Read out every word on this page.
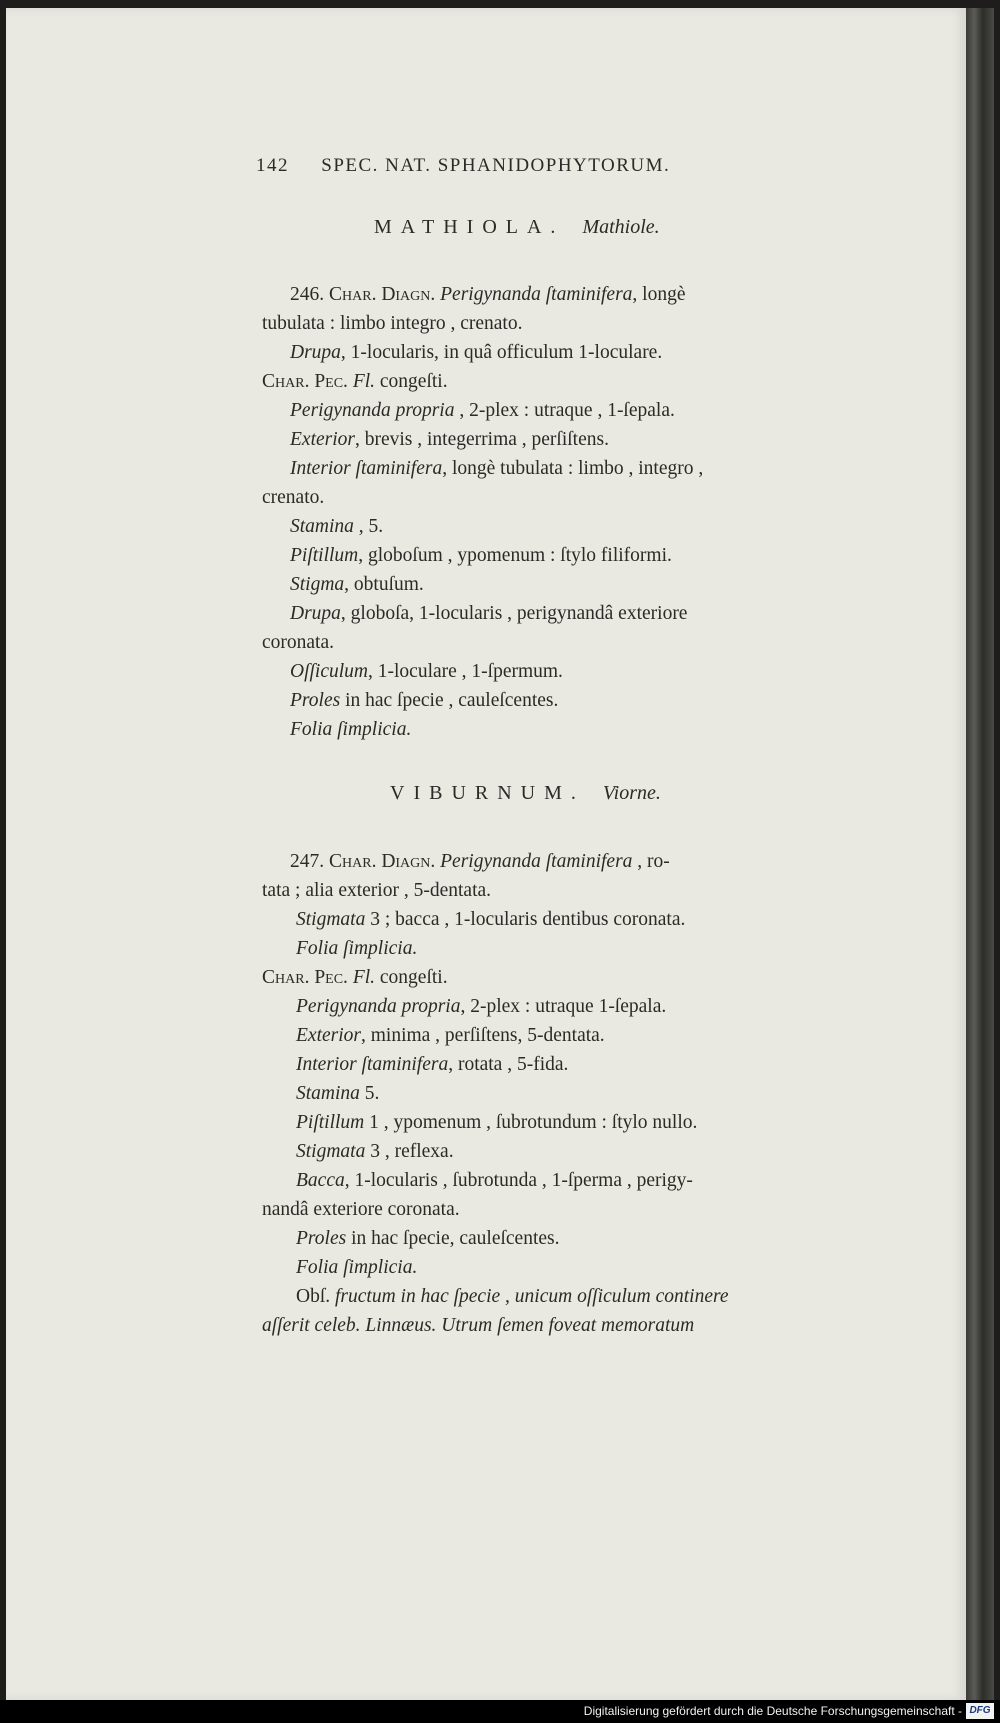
142 SPEC. NAT. SPHANIDOPHYTORUM.
MATHIOLA. Mathiole.
246. Char. Diagn. Perigynanda ſtaminifera, longè
tubulata : limbo integro , crenato.
Drupa, 1-locularis, in quâ officulum 1-loculare.
Char. Pec. Fl. congeſti.
Perigynanda propria , 2-plex : utraque , 1-ſepala.
Exterior, brevis , integerrima , perſiſtens.
Interior ſtaminifera, longè tubulata : limbo , integro ,
crenato.
Stamina , 5.
Piſtillum, globoſum , ypomenum : ſtylo filiformi.
Stigma, obtuſum.
Drupa, globoſa, 1-locularis , perigynandâ exteriore
coronata.
Oſſiculum, 1-loculare , 1-ſpermum.
Proles in hac ſpecie , cauleſcentes.
Folia ſimplicia.
VIBURNUM. Viorne.
247. Char. Diagn. Perigynanda ſtaminifera , ro-
tata ; alia exterior , 5-dentata.
Stigmata 3 ; bacca , 1-locularis dentibus coronata.
Folia ſimplicia.
Char. Pec. Fl. congeſti.
Perigynanda propria, 2-plex : utraque 1-ſepala.
Exterior, minima , perſiſtens, 5-dentata.
Interior ſtaminifera, rotata , 5-fida.
Stamina 5.
Piſtillum 1 , ypomenum , ſubrotundum : ſtylo nullo.
Stigmata 3 , reflexa.
Bacca, 1-locularis , ſubrotunda , 1-ſperma , perigy-
nandâ exteriore coronata.
Proles in hac ſpecie, cauleſcentes.
Folia ſimplicia.
Obſ. fructum in hac ſpecie , unicum oſſiculum continere
aſſerit celeb. Linnæus. Utrum ſemen foveat memoratum
Digitalisierung gefördert durch die Deutsche Forschungsgemeinschaft - DFG
